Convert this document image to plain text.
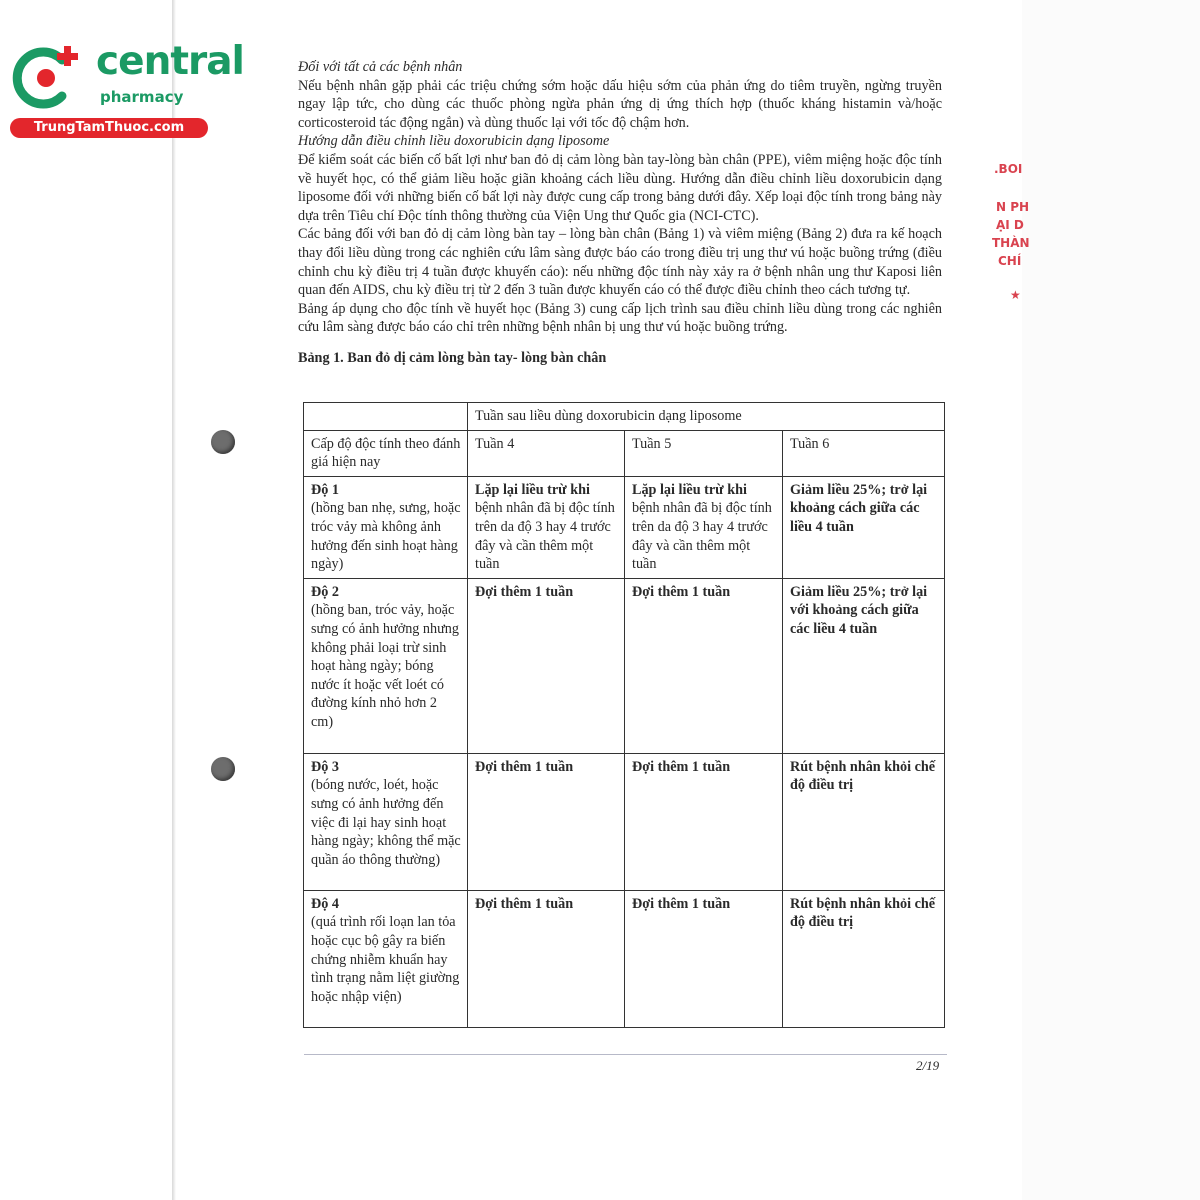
central
pharmacy
TrungTamThuoc.com
.BOI
N PH
ẠI D
THÀN
CHÍ
★

Đối với tất cả các bệnh nhân

Nếu bệnh nhân gặp phải các triệu chứng sớm hoặc dấu hiệu sớm của phản ứng do tiêm truyền, ngừng truyền ngay lập tức, cho dùng các thuốc phòng ngừa phản ứng dị ứng thích hợp (thuốc kháng histamin và/hoặc corticosteroid tác động ngắn) và dùng thuốc lại với tốc độ chậm hơn.

Hướng dẫn điều chỉnh liều doxorubicin dạng liposome

Để kiểm soát các biến cố bất lợi như ban đỏ dị cảm lòng bàn tay-lòng bàn chân (PPE), viêm miệng hoặc độc tính về huyết học, có thể giảm liều hoặc giãn khoảng cách liều dùng. Hướng dẫn điều chỉnh liều doxorubicin dạng liposome đối với những biến cố bất lợi này được cung cấp trong bảng dưới đây. Xếp loại độc tính trong bảng này dựa trên Tiêu chí Độc tính thông thường của Viện Ung thư Quốc gia (NCI-CTC).

Các bảng đối với ban đỏ dị cảm lòng bàn tay – lòng bàn chân (Bảng 1) và viêm miệng (Bảng 2) đưa ra kế hoạch thay đổi liều dùng trong các nghiên cứu lâm sàng được báo cáo trong điều trị ung thư vú hoặc buồng trứng (điều chỉnh chu kỳ điều trị 4 tuần được khuyến cáo): nếu những độc tính này xảy ra ở bệnh nhân ung thư Kaposi liên quan đến AIDS, chu kỳ điều trị từ 2 đến 3 tuần được khuyến cáo có thể được điều chỉnh theo cách tương tự.

Bảng áp dụng cho độc tính về huyết học (Bảng 3) cung cấp lịch trình sau điều chỉnh liều dùng trong các nghiên cứu lâm sàng được báo cáo chỉ trên những bệnh nhân bị ung thư vú hoặc buồng trứng.

Bảng 1. Ban đỏ dị cảm lòng bàn tay- lòng bàn chân

	Tuần sau liều dùng doxorubicin dạng liposome		
Cấp độ độc tính theo đánh giá hiện nay	Tuần 4	Tuần 5	Tuần 6

Độ 1
(hồng ban nhẹ, sưng, hoặc tróc vảy mà không ảnh hưởng đến sinh hoạt hàng ngày)	Lặp lại liều trừ khi
bệnh nhân đã bị độc tính trên da độ 3 hay 4 trước đây và cần thêm một tuần	Lặp lại liều trừ khi
bệnh nhân đã bị độc tính trên da độ 3 hay 4 trước đây và cần thêm một tuần	Giảm liều 25%; trở lại khoảng cách giữa các liều 4 tuần

Độ 2
(hồng ban, tróc vảy, hoặc sưng có ảnh hưởng nhưng không phải loại trừ sinh hoạt hàng ngày; bóng nước ít hoặc vết loét có đường kính nhỏ hơn 2 cm)	Đợi thêm 1 tuần	Đợi thêm 1 tuần	Giảm liều 25%; trở lại với khoảng cách giữa các liều 4 tuần

Độ 3
(bóng nước, loét, hoặc sưng có ảnh hưởng đến việc đi lại hay sinh hoạt hàng ngày; không thể mặc quần áo thông thường)	Đợi thêm 1 tuần	Đợi thêm 1 tuần	Rút bệnh nhân khỏi chế độ điều trị

Độ 4
(quá trình rối loạn lan tỏa hoặc cục bộ gây ra biến chứng nhiễm khuẩn hay tình trạng nằm liệt giường hoặc nhập viện)	Đợi thêm 1 tuần	Đợi thêm 1 tuần	Rút bệnh nhân khỏi chế độ điều trị
2/19
